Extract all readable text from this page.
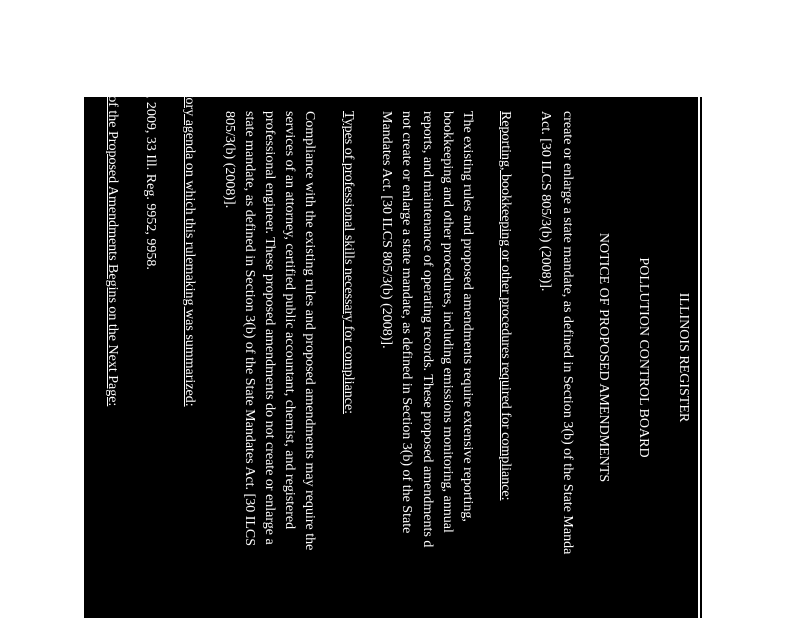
ILLINOIS REGISTER
POLLUTION CONTROL BOARD
NOTICE OF PROPOSED AMENDMENTS
create or enlarge a state mandate, as defined in Section 3(b) of the State Manda
Act. [30 ILCS 805/3(b) (2008)].
B)
Reporting, bookkeeping or other procedures required for compliance:
The existing rules and proposed amendments require extensive reporting,
bookkeeping and other procedures, including emissions monitoring, annual
reports, and maintenance of operating records. These proposed amendments d
not create or enlarge a state mandate, as defined in Section 3(b) of the State
Mandates Act. [30 ILCS 805/3(b) (2008)].
C)
Types of professional skills necessary for compliance:
Compliance with the existing rules and proposed amendments may require the
services of an attorney, certified public accountant, chemist, and registered
professional engineer. These proposed amendments do not create or enlarge a
state mandate, as defined in Section 3(b) of the State Mandates Act. [30 ILCS
805/3(b) (2008)].
14)
Regulatory agenda on which this rulemaking was summarized:
July 10, 2009, 33 Ill. Reg. 9952, 9958.
The Full Text of the Proposed Amendments Begins on the Next Page:
